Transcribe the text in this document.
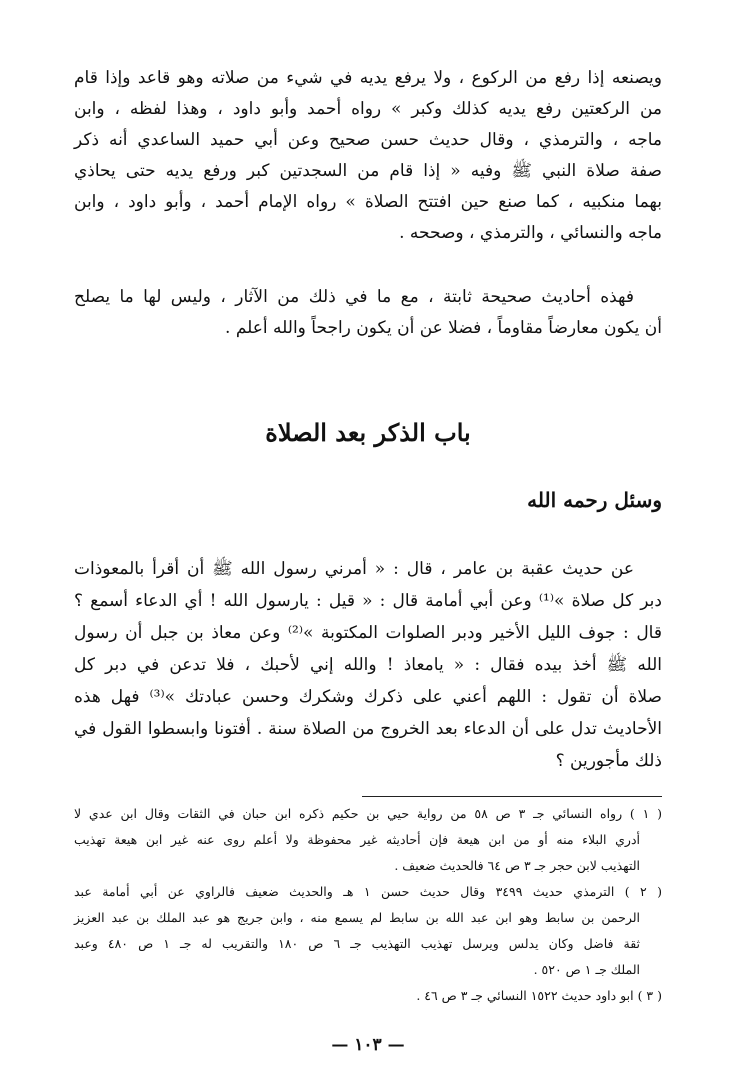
ويصنعه إذا رفع من الركوع ، ولا يرفع يديه في شيء من صلاته وهو قاعد وإذا قام
من الركعتين رفع يديه كذلك وكبر » رواه أحمد وأبو داود ، وهذا لفظه ، وابن
ماجه ، والترمذي ، وقال حديث حسن صحيح وعن أبي حميد الساعدي أنه ذكر
صفة صلاة النبي ﷺ وفيه « إذا قام من السجدتين كبر ورفع يديه حتى يحاذي
بهما منكبيه ، كما صنع حين افتتح الصلاة » رواه الإمام أحمد ، وأبو داود ، وابن
ماجه والنسائي ، والترمذي ، وصححه .
فهذه أحاديث صحيحة ثابتة ، مع ما في ذلك من الآثار ، وليس لها ما يصلح
أن يكون معارضاً مقاوماً ، فضلا عن أن يكون راجحاً والله أعلم .
باب الذكر بعد الصلاة
وسئل رحمه الله
عن حديث عقبة بن عامر ، قال : « أمرني رسول الله ﷺ أن أقرأ بالمعوذات
دبر كل صلاة »⁽¹⁾ وعن أبي أمامة قال : « قيل : يارسول الله ! أي الدعاء أسمع ؟
قال : جوف الليل الأخير ودبر الصلوات المكتوبة »⁽²⁾ وعن معاذ بن جبل أن رسول
الله ﷺ أخذ بيده فقال : « يامعاذ ! والله إني لأحبك ، فلا تدعن في دبر كل
صلاة أن تقول : اللهم أعني على ذكرك وشكرك وحسن عبادتك »⁽³⁾ فهل هذه
الأحاديث تدل على أن الدعاء بعد الخروج من الصلاة سنة . أفتونا وابسطوا القول في
ذلك مأجورين ؟
( ١ ) رواه النسائي جـ ٣ ص ٥٨ من رواية حيي بن حكيم ذكره ابن حبان في الثقات وقال ابن عدي لا
أدري البلاء منه أو من ابن هيعة فإن أحاديثه غير محفوظة ولا أعلم روى عنه غير ابن هيعة تهذيب
التهذيب لابن حجر جـ ٣ ص ٦٤ فالحديث ضعيف .
( ٢ ) الترمذي حديث ٣٤٩٩ وقال حديث حسن ١ هـ والحديث ضعيف فالراوي عن أبي أمامة عبد
الرحمن بن سابط وهو ابن عبد الله بن سابط لم يسمع منه ، وابن جريج هو عبد الملك بن عبد العزيز
ثقة فاضل وكان يدلس ويرسل تهذيب التهذيب جـ ٦ ص ١٨٠ والتقريب له جـ ١ ص ٤٨٠ وعبد
الملك جـ ١ ص ٥٢٠ .
( ٣ ) ابو داود حديث ١٥٢٢ النسائي جـ ٣ ص ٤٦ .
— ١٠٣ —
